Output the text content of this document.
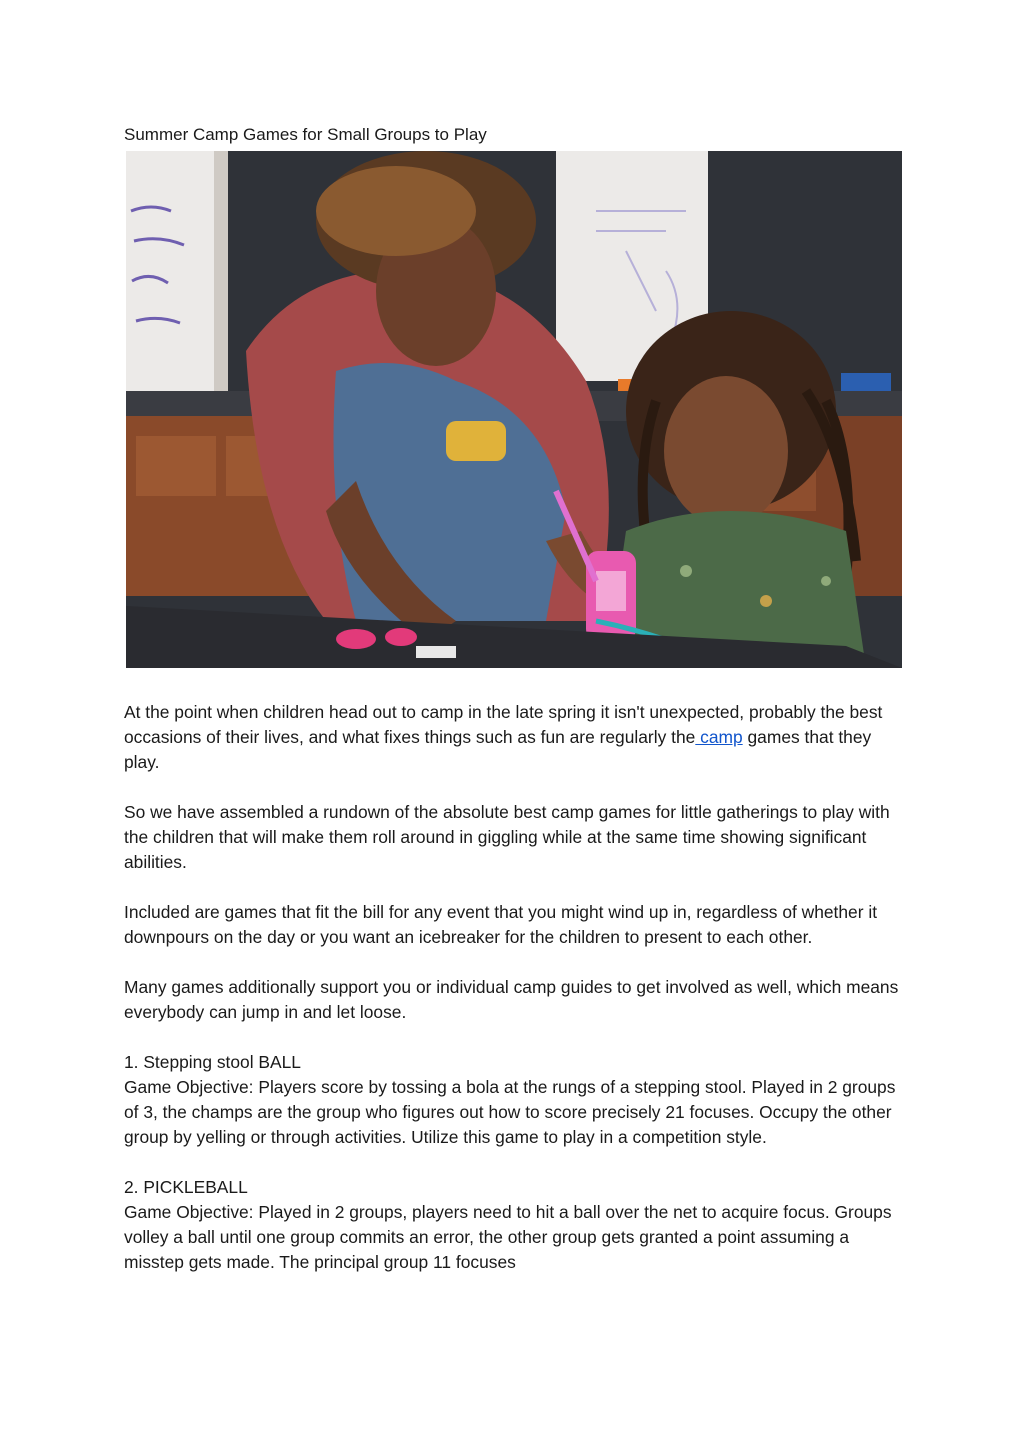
Summer Camp Games for Small Groups to Play

At the point when children head out to camp in the late spring it isn't unexpected, probably the best occasions of their lives, and what fixes things such as fun are regularly the camp games that they play.

So we have assembled a rundown of the absolute best camp games for little gatherings to play with the children that will make them roll around in giggling while at the same time showing significant abilities.

Included are games that fit the bill for any event that you might wind up in, regardless of whether it downpours on the day or you want an icebreaker for the children to present to each other.

Many games additionally support you or individual camp guides to get involved as well, which means everybody can jump in and let loose.

1. Stepping stool BALL

Game Objective: Players score by tossing a bola at the rungs of a stepping stool. Played in 2 groups of 3, the champs are the group who figures out how to score precisely 21 focuses. Occupy the other group by yelling or through activities. Utilize this game to play in a competition style.

2. PICKLEBALL

Game Objective: Played in 2 groups, players need to hit a ball over the net to acquire focus. Groups volley a ball until one group commits an error, the other group gets granted a point assuming a misstep gets made. The principal group 11 focuses
